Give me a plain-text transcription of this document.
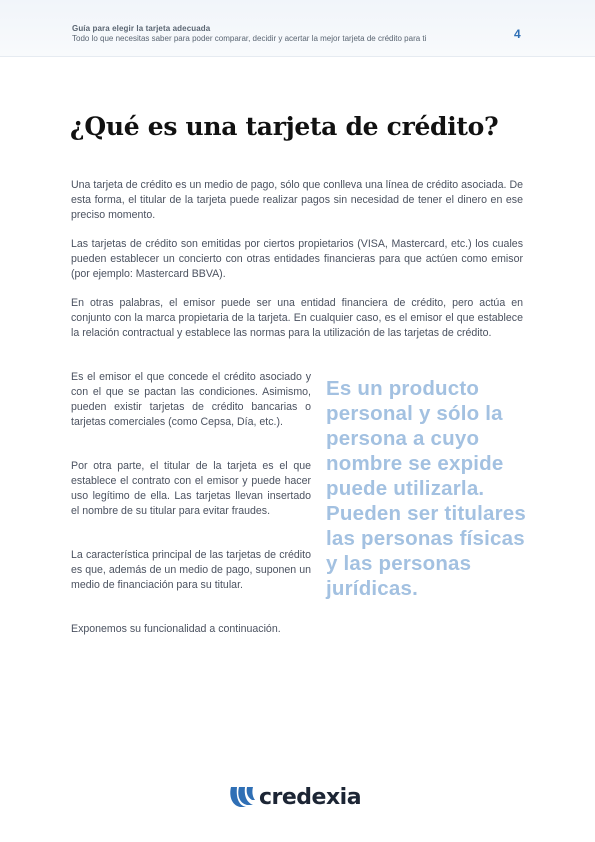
Guía para elegir la tarjeta adecuada
Todo lo que necesitas saber para poder comparar, decidir y acertar la mejor tarjeta de crédito para ti	4
¿Qué es una tarjeta de crédito?

Una tarjeta de crédito es un medio de pago, sólo que conlleva una línea de crédito asociada. De esta forma, el titular de la tarjeta puede realizar pagos sin necesidad de tener el dinero en ese preciso momento.

Las tarjetas de crédito son emitidas por ciertos propietarios (VISA, Mastercard, etc.) los cuales pueden establecer un concierto con otras entidades financieras para que actúen como emisor (por ejemplo: Mastercard BBVA).

En otras palabras, el emisor puede ser una entidad financiera de crédito, pero actúa en conjunto con la marca propietaria de la tarjeta. En cualquier caso, es el emisor el que establece la relación contractual y establece las normas para la utilización de las tarjetas de crédito.

Es el emisor el que concede el crédito asociado y con el que se pactan las condiciones. Asimismo, pueden existir tarjetas de crédito bancarias o tarjetas comerciales (como Cepsa, Día, etc.).

Por otra parte, el titular de la tarjeta es el que establece el contrato con el emisor y puede hacer uso legítimo de ella. Las tarjetas llevan insertado el nombre de su titular para evitar fraudes.

La característica principal de las tarjetas de crédito es que, además de un medio de pago, suponen un medio de financiación para su titular.

Exponemos su funcionalidad a continuación.

Es un producto personal y sólo la persona a cuyo nombre se expide puede utilizarla. Pueden ser titulares las personas físicas y las personas jurídicas.

credexia
